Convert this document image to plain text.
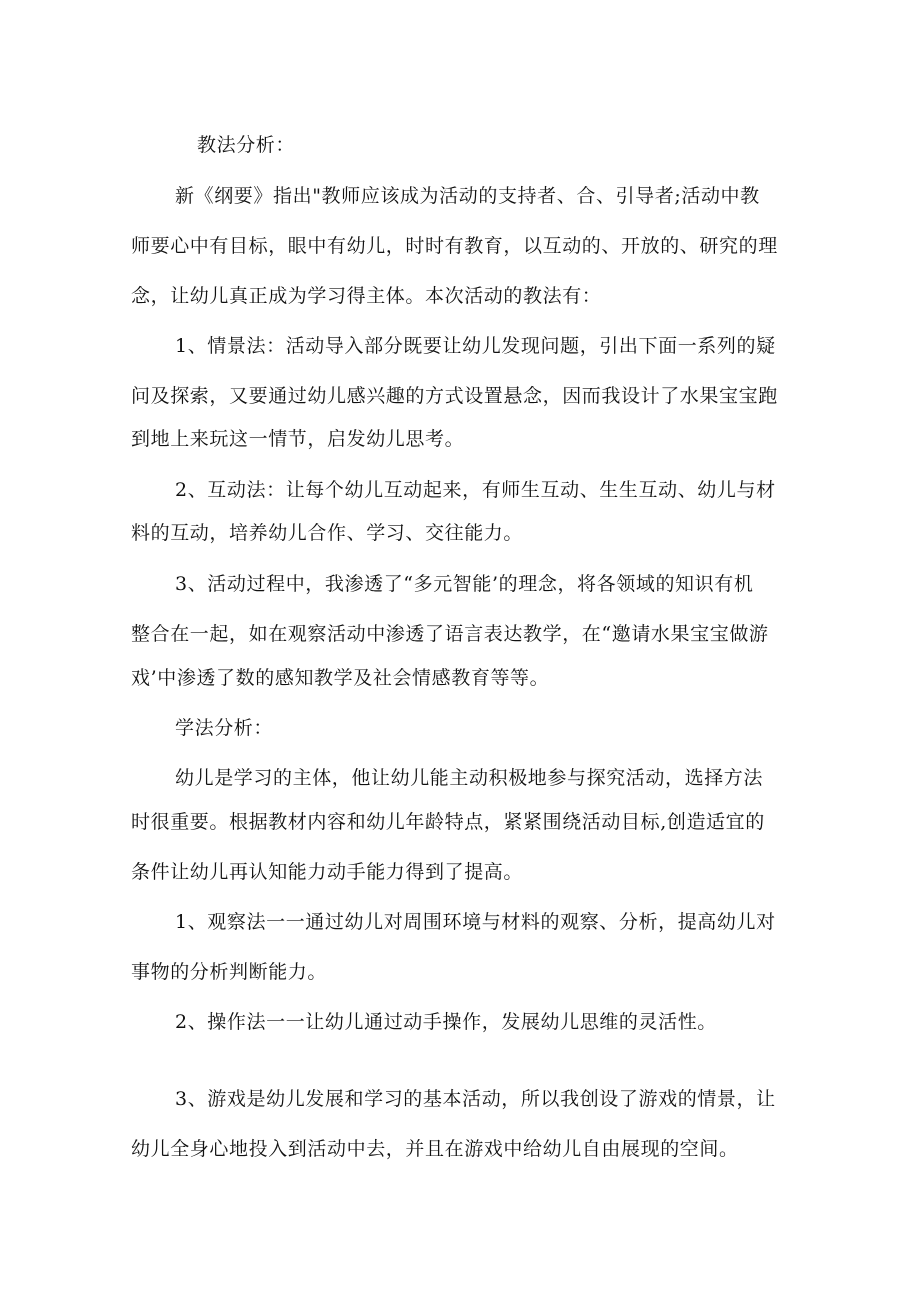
教法分析：
新《纲要》指出"教师应该成为活动的支持者、合、引导者;活动中教
师要心中有目标，眼中有幼儿，时时有教育，以互动的、开放的、研究的理
念，让幼儿真正成为学习得主体。本次活动的教法有：
1、情景法：活动导入部分既要让幼儿发现问题，引出下面一系列的疑
问及探索，又要通过幼儿感兴趣的方式设置悬念，因而我设计了水果宝宝跑
到地上来玩这一情节，启发幼儿思考。
2、互动法：让每个幼儿互动起来，有师生互动、生生互动、幼儿与材
料的互动，培养幼儿合作、学习、交往能力。
3、活动过程中，我渗透了“多元智能’的理念，将各领域的知识有机
整合在一起，如在观察活动中渗透了语言表达教学，在“邀请水果宝宝做游
戏’中渗透了数的感知教学及社会情感教育等等。
学法分析：
幼儿是学习的主体，他让幼儿能主动积极地参与探究活动，选择方法
时很重要。根据教材内容和幼儿年龄特点，紧紧围绕活动目标,创造适宜的
条件让幼儿再认知能力动手能力得到了提高。
1、观察法一一通过幼儿对周围环境与材料的观察、分析，提高幼儿对
事物的分析判断能力。
2、操作法一一让幼儿通过动手操作，发展幼儿思维的灵活性。
3、游戏是幼儿发展和学习的基本活动，所以我创设了游戏的情景，让
幼儿全身心地投入到活动中去，并且在游戏中给幼儿自由展现的空间。
